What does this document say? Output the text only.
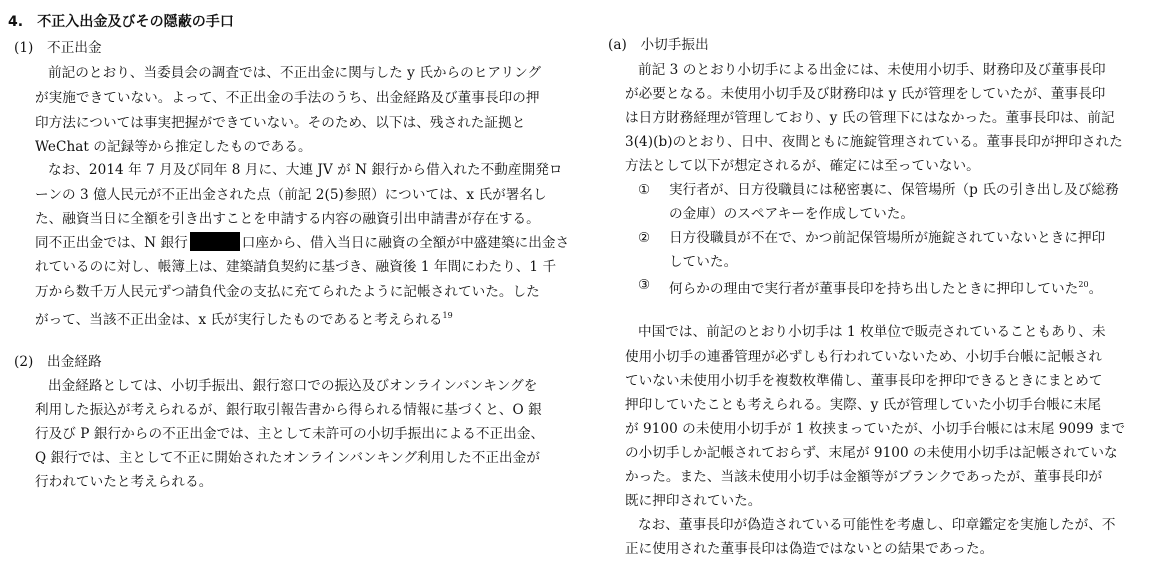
4.　不正入出金及びその隠蔽の手口
(1)　不正出金
前記のとおり、当委員会の調査では、不正出金に関与した y 氏からのヒアリング
が実施できていない。よって、不正出金の手法のうち、出金経路及び董事長印の押
印方法については事実把握ができていない。そのため、以下は、残された証拠と
WeChat の記録等から推定したものである。
なお、2014 年 7 月及び同年 8 月に、大連 JV が N 銀行から借入れた不動産開発ロ
ーンの 3 億人民元が不正出金された点（前記 2(5)参照）については、x 氏が署名し
た、融資当日に全額を引き出すことを申請する内容の融資引出申請書が存在する。
同不正出金では、N 銀行	口座から、借入当日に融資の全額が中盛建築に出金さ
れているのに対し、帳簿上は、建築請負契約に基づき、融資後 1 年間にわたり、1 千
万から数千万人民元ずつ請負代金の支払に充てられたように記帳されていた。した
がって、当該不正出金は、x 氏が実行したものであると考えられる$^{19}$
(2)　出金経路
出金経路としては、小切手振出、銀行窓口での振込及びオンラインバンキングを
利用した振込が考えられるが、銀行取引報告書から得られる情報に基づくと、O 銀
行及び P 銀行からの不正出金では、主として未許可の小切手振出による不正出金、
Q 銀行では、主として不正に開始されたオンラインバンキング利用した不正出金が
行われていたと考えられる。
(a)　小切手振出
前記 3 のとおり小切手による出金には、未使用小切手、財務印及び董事長印
が必要となる。未使用小切手及び財務印は y 氏が管理をしていたが、董事長印
は日方財務経理が管理しており、y 氏の管理下にはなかった。董事長印は、前記
3(4)(b)のとおり、日中、夜間ともに施錠管理されている。董事長印が押印された
方法として以下が想定されるが、確定には至っていない。
① 実行者が、日方役職員には秘密裏に、保管場所（p 氏の引き出し及び総務
の金庫）のスペアキーを作成していた。
② 日方役職員が不在で、かつ前記保管場所が施錠されていないときに押印
していた。
③ 何らかの理由で実行者が董事長印を持ち出したときに押印していた$^{20}$。
中国では、前記のとおり小切手は 1 枚単位で販売されていることもあり、未
使用小切手の連番管理が必ずしも行われていないため、小切手台帳に記帳され
ていない未使用小切手を複数枚準備し、董事長印を押印できるときにまとめて
押印していたことも考えられる。実際、y 氏が管理していた小切手台帳に末尾
が 9100 の未使用小切手が 1 枚挟まっていたが、小切手台帳には末尾 9099 まで
の小切手しか記帳されておらず、末尾が 9100 の未使用小切手は記帳されていな
かった。また、当該未使用小切手は金額等がブランクであったが、董事長印が
既に押印されていた。
なお、董事長印が偽造されている可能性を考慮し、印章鑑定を実施したが、不
正に使用された董事長印は偽造ではないとの結果であった。
